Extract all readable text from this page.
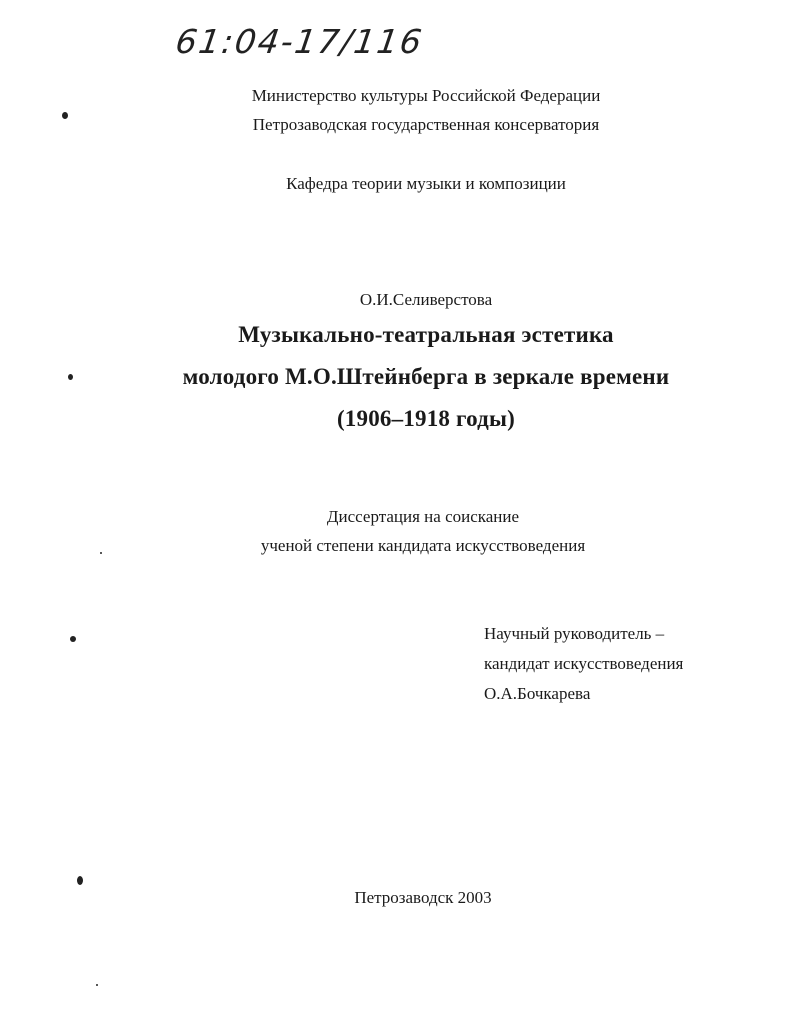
61:04-17/116
Министерство культуры Российской Федерации
Петрозаводская государственная консерватория
Кафедра теории музыки и композиции
О.И.Селиверстова
Музыкально-театральная эстетика
молодого М.О.Штейнберга в зеркале времени
(1906–1918 годы)
Диссертация на соискание
ученой степени кандидата искусствоведения
Научный руководитель –
кандидат искусствоведения
О.А.Бочкарева
Петрозаводск 2003
